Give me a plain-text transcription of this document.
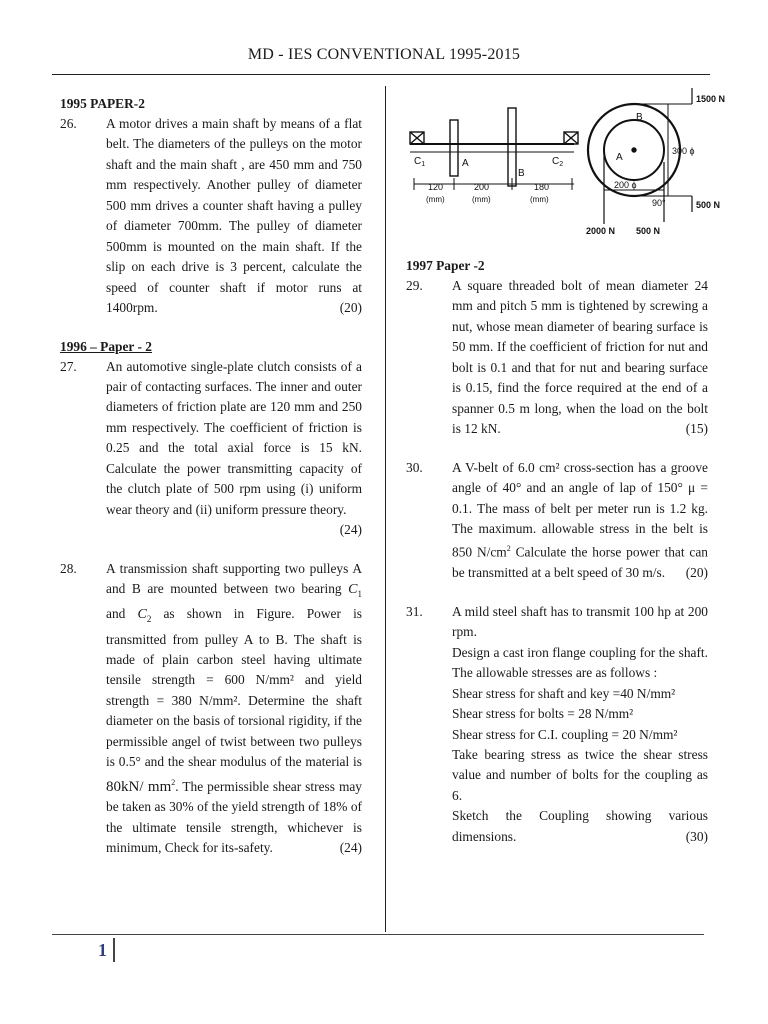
MD - IES CONVENTIONAL 1995-2015
1995 PAPER-2
26.	A motor drives a main shaft by means of a flat belt. The diameters of the pulleys on the motor shaft and the main shaft , are 450 mm and 750 mm respectively. Another pulley of diameter 500 mm drives a counter shaft having a pulley of diameter 700mm. The pulley of diameter 500mm is mounted on the main shaft. If the slip on each drive is 3 percent, calculate the speed of counter shaft if motor runs at 1400rpm.	(20)
1996 – Paper - 2
27.	An automotive single-plate clutch consists of a pair of contacting surfaces. The inner and outer diameters of friction plate are 120 mm and 250 mm respectively. The coefficient of friction is 0.25 and the total axial force is 15 kN. Calculate the power transmitting capacity of the clutch plate of 500 rpm using (i) uniform wear theory and (ii) uniform pressure theory.
(24)
28.	A transmission shaft supporting two pulleys A and B are mounted between two bearing $C_1$ and $C_2$ as shown in Figure. Power is transmitted from pulley A to B. The shaft is made of plain carbon steel having ultimate tensile strength = 600 N/mm² and yield strength = 380 N/mm². Determine the shaft diameter on the basis of torsional rigidity, if the permissible angel of twist between two pulleys is 0.5° and the shear modulus of the material is 80kN/ $mm^2$. The permissible shear stress may be taken as 30% of the yield strength of 18% of the ultimate tensile strength, whichever is minimum, Check for its-safety.	(24)
$C_1$	A
B
$C_2$
120	200	180
(mm)	(mm)	(mm)
B
A
300 ϕ
1500 N
500 N
200 ϕ
90°
2000 N 500 N
1997 Paper -2
29.	A square threaded bolt of mean diameter 24 mm and pitch 5 mm is tightened by screwing a nut, whose mean diameter of bearing surface is 50 mm. If the coefficient of friction for nut and bolt is 0.1 and that for nut and bearing surface is 0.15, find the force required at the end of a spanner 0.5 m long, when the load on the bolt is 12 kN.	(15)
30.	A V-belt of 6.0 cm² cross-section has a groove angle of 40° and an angle of lap of 150° μ = 0.1. The mass of belt per meter run is 1.2 kg. The maximum. allowable stress in the belt is 850 $N/cm^2$ Calculate the horse power that can be transmitted at a belt speed of 30 m/s. (20)
31.	A mild steel shaft has to transmit 100 hp at 200 rpm.

Design a cast iron flange coupling for the shaft. The allowable stresses are as follows :

Shear stress for shaft and key =40 N/mm²

Shear stress for bolts = 28 N/mm²

Shear stress for C.I. coupling = 20 N/mm²

Take bearing stress as twice the shear stress value and number of bolts for the coupling as 6.

Sketch the Coupling showing various dimensions.	(30)

1
